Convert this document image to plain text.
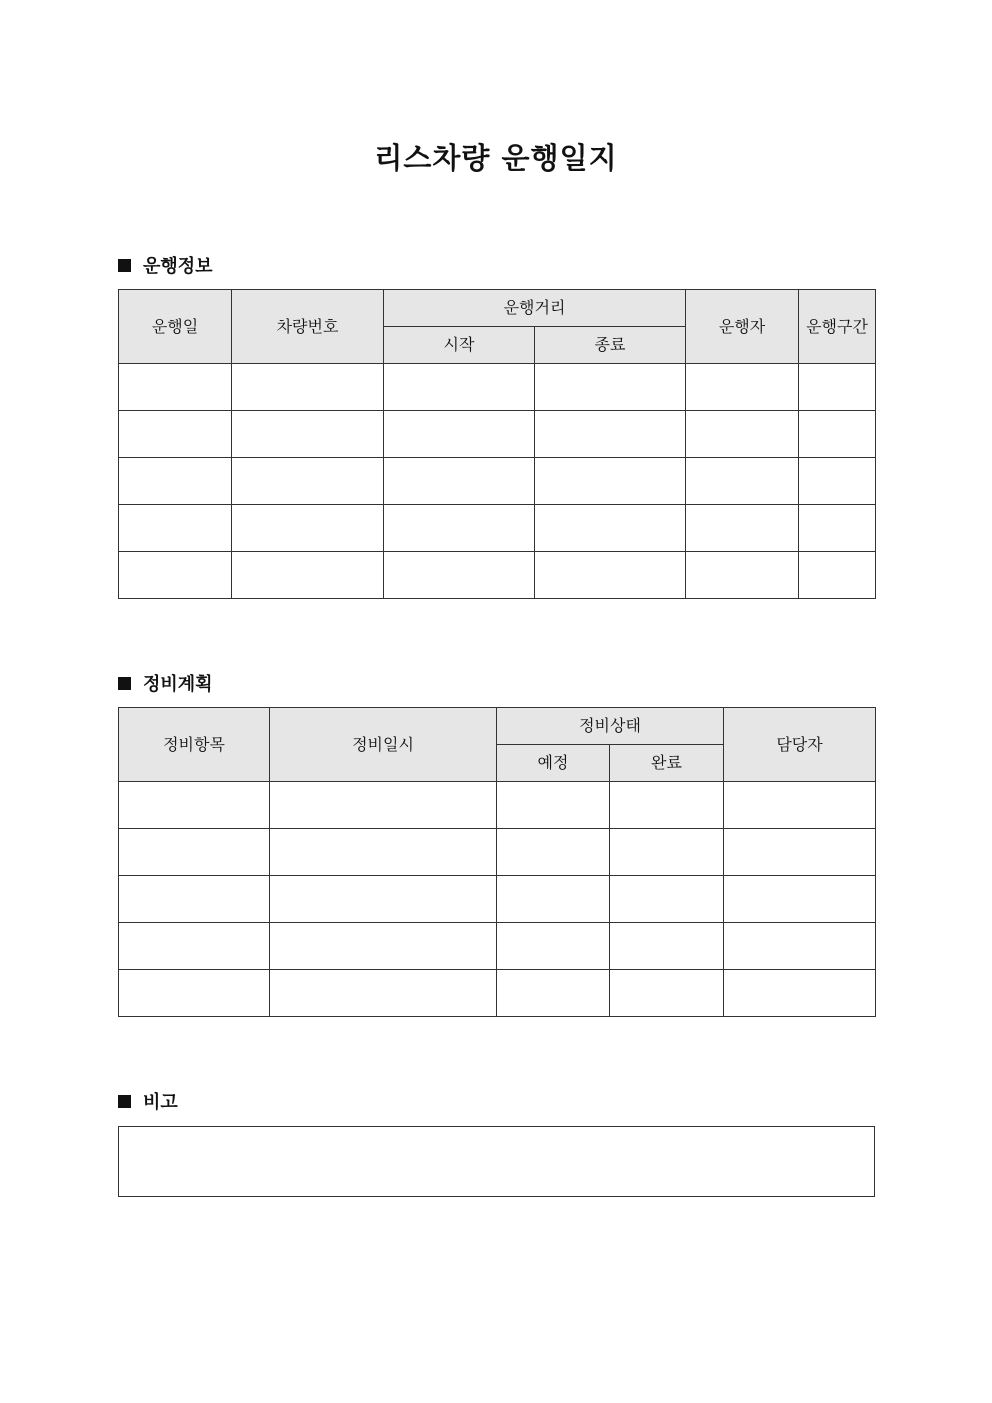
리스차량 운행일지
운행정보
운행일	차량번호	운행거리		운행자	운행구간
		시작	종료		

정비계획
정비항목	정비일시	정비상태		담당자
		예정	완료	

비고
